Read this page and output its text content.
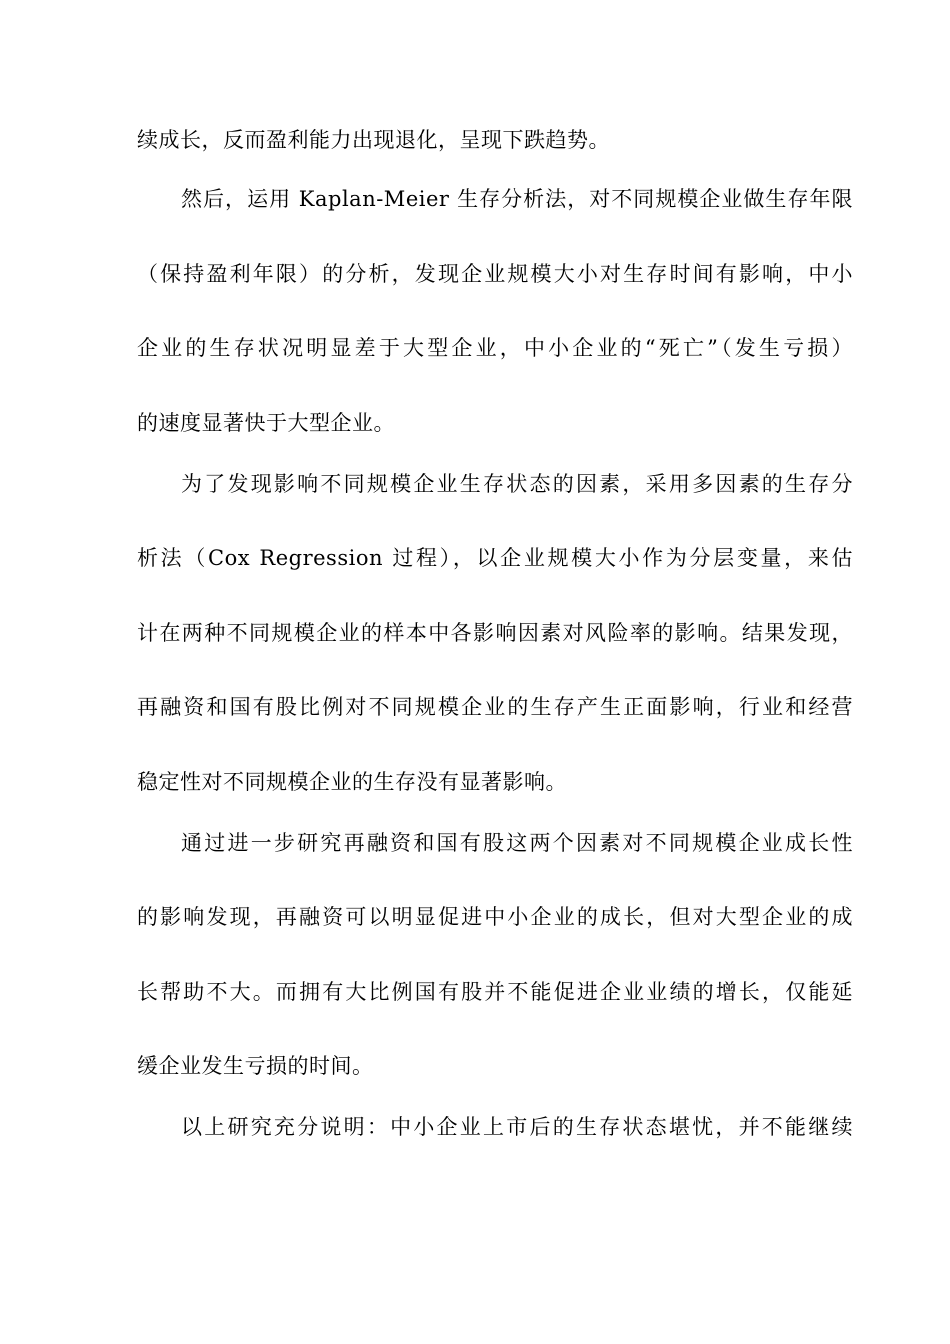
续成长，反而盈利能力出现退化，呈现下跌趋势。
然后，运用 Kaplan-Meier 生存分析法，对不同规模企业做生存年限
（保持盈利年限）的分析，发现企业规模大小对生存时间有影响，中小
企业的生存状况明显差于大型企业，中小企业的“死亡”（发生亏损）
的速度显著快于大型企业。
为了发现影响不同规模企业生存状态的因素，采用多因素的生存分
析法（Cox Regression 过程），以企业规模大小作为分层变量，来估
计在两种不同规模企业的样本中各影响因素对风险率的影响。结果发现，
再融资和国有股比例对不同规模企业的生存产生正面影响，行业和经营
稳定性对不同规模企业的生存没有显著影响。
通过进一步研究再融资和国有股这两个因素对不同规模企业成长性
的影响发现，再融资可以明显促进中小企业的成长，但对大型企业的成
长帮助不大。而拥有大比例国有股并不能促进企业业绩的增长，仅能延
缓企业发生亏损的时间。
以上研究充分说明：中小企业上市后的生存状态堪忧，并不能继续
